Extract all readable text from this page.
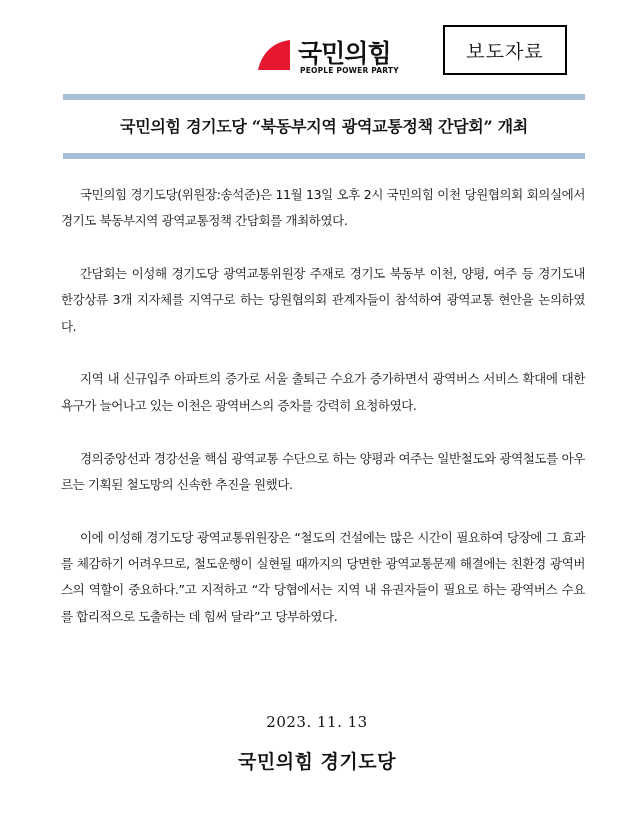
국민의힘
PEOPLE POWER PARTY
보도자료
국민의힘 경기도당 “북동부지역 광역교통정책 간담회” 개최

국민의힘 경기도당(위원장:송석준)은 11월 13일 오후 2시 국민의힘 이천 당원협의회 회의실에서 경기도 북동부지역 광역교통정책 간담회를 개최하였다.

간담회는 이성해 경기도당 광역교통위원장 주재로 경기도 북동부 이천, 양평, 여주 등 경기도내 한강상류 3개 지자체를 지역구로 하는 당원협의회 관계자들이 참석하여 광역교통 현안을 논의하였다.

지역 내 신규입주 아파트의 증가로 서울 출퇴근 수요가 증가하면서 광역버스 서비스 확대에 대한 욕구가 늘어나고 있는 이천은 광역버스의 증차를 강력히 요청하였다.

경의중앙선과 경강선을 핵심 광역교통 수단으로 하는 양평과 여주는 일반철도와 광역철도를 아우르는 기획된 철도망의 신속한 추진을 원했다.

이에 이성해 경기도당 광역교통위원장은 “철도의 건설에는 많은 시간이 필요하여 당장에 그 효과를 체감하기 어려우므로, 철도운행이 실현될 때까지의 당면한 광역교통문제 해결에는 친환경 광역버스의 역할이 중요하다.”고 지적하고 “각 당협에서는 지역 내 유권자들이 필요로 하는 광역버스 수요를 합리적으로 도출하는 데 힘써 달라”고 당부하였다.

2023. 11. 13
국민의힘 경기도당
